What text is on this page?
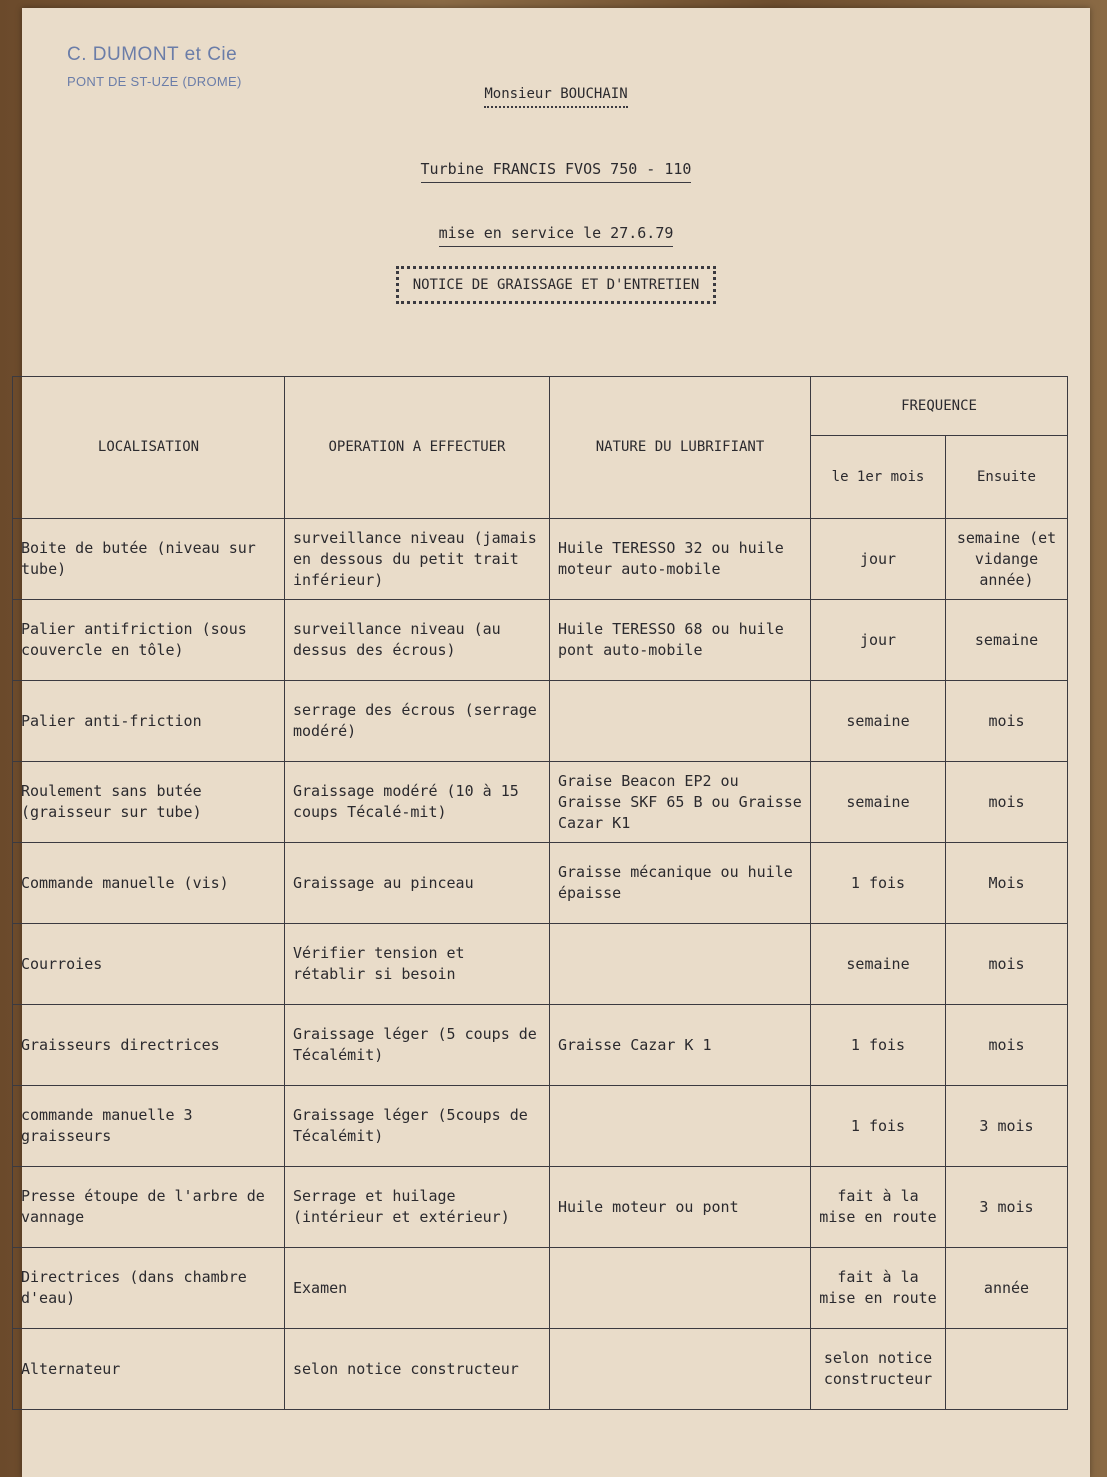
C. DUMONT et Cie
PONT DE ST-UZE (DROME)
Monsieur BOUCHAIN
Turbine FRANCIS FVOS 750 - 110
mise en service le 27.6.79
NOTICE DE GRAISSAGE ET D'ENTRETIEN
LOCALISATION	OPERATION A EFFECTUER	NATURE DU LUBRIFIANT	FREQUENCE	
			le 1er mois	Ensuite
Boite de butée (niveau sur tube)	surveillance niveau (jamais en dessous du petit trait inférieur)	Huile TERESSO 32 ou huile moteur auto-mobile	jour	semaine (et vidange année)
Palier antifriction (sous couvercle en tôle)	surveillance niveau (au dessus des écrous)	Huile TERESSO 68 ou huile pont auto-mobile	jour	semaine
Palier anti-friction	serrage des écrous (serrage modéré)		semaine	mois
Roulement sans butée (graisseur sur tube)	Graissage modéré (10 à 15 coups Técalé-mit)	Graise Beacon EP2 ou Graisse SKF 65 B ou Graisse Cazar K1	semaine	mois
Commande manuelle (vis)	Graissage au pinceau	Graisse mécanique ou huile épaisse	1 fois	Mois
Courroies	Vérifier tension et rétablir si besoin		semaine	mois
Graisseurs directrices	Graissage léger (5 coups de Técalémit)	Graisse Cazar K 1	1 fois	mois
commande manuelle 3 graisseurs	Graissage léger (5coups de Técalémit)		1 fois	3 mois
Presse étoupe de l'arbre de vannage	Serrage et huilage (intérieur et extérieur)	Huile moteur ou pont	fait à la mise en route	3 mois
Directrices (dans chambre d'eau)	Examen		fait à la mise en route	année
Alternateur	selon notice constructeur		selon notice constructeur	
